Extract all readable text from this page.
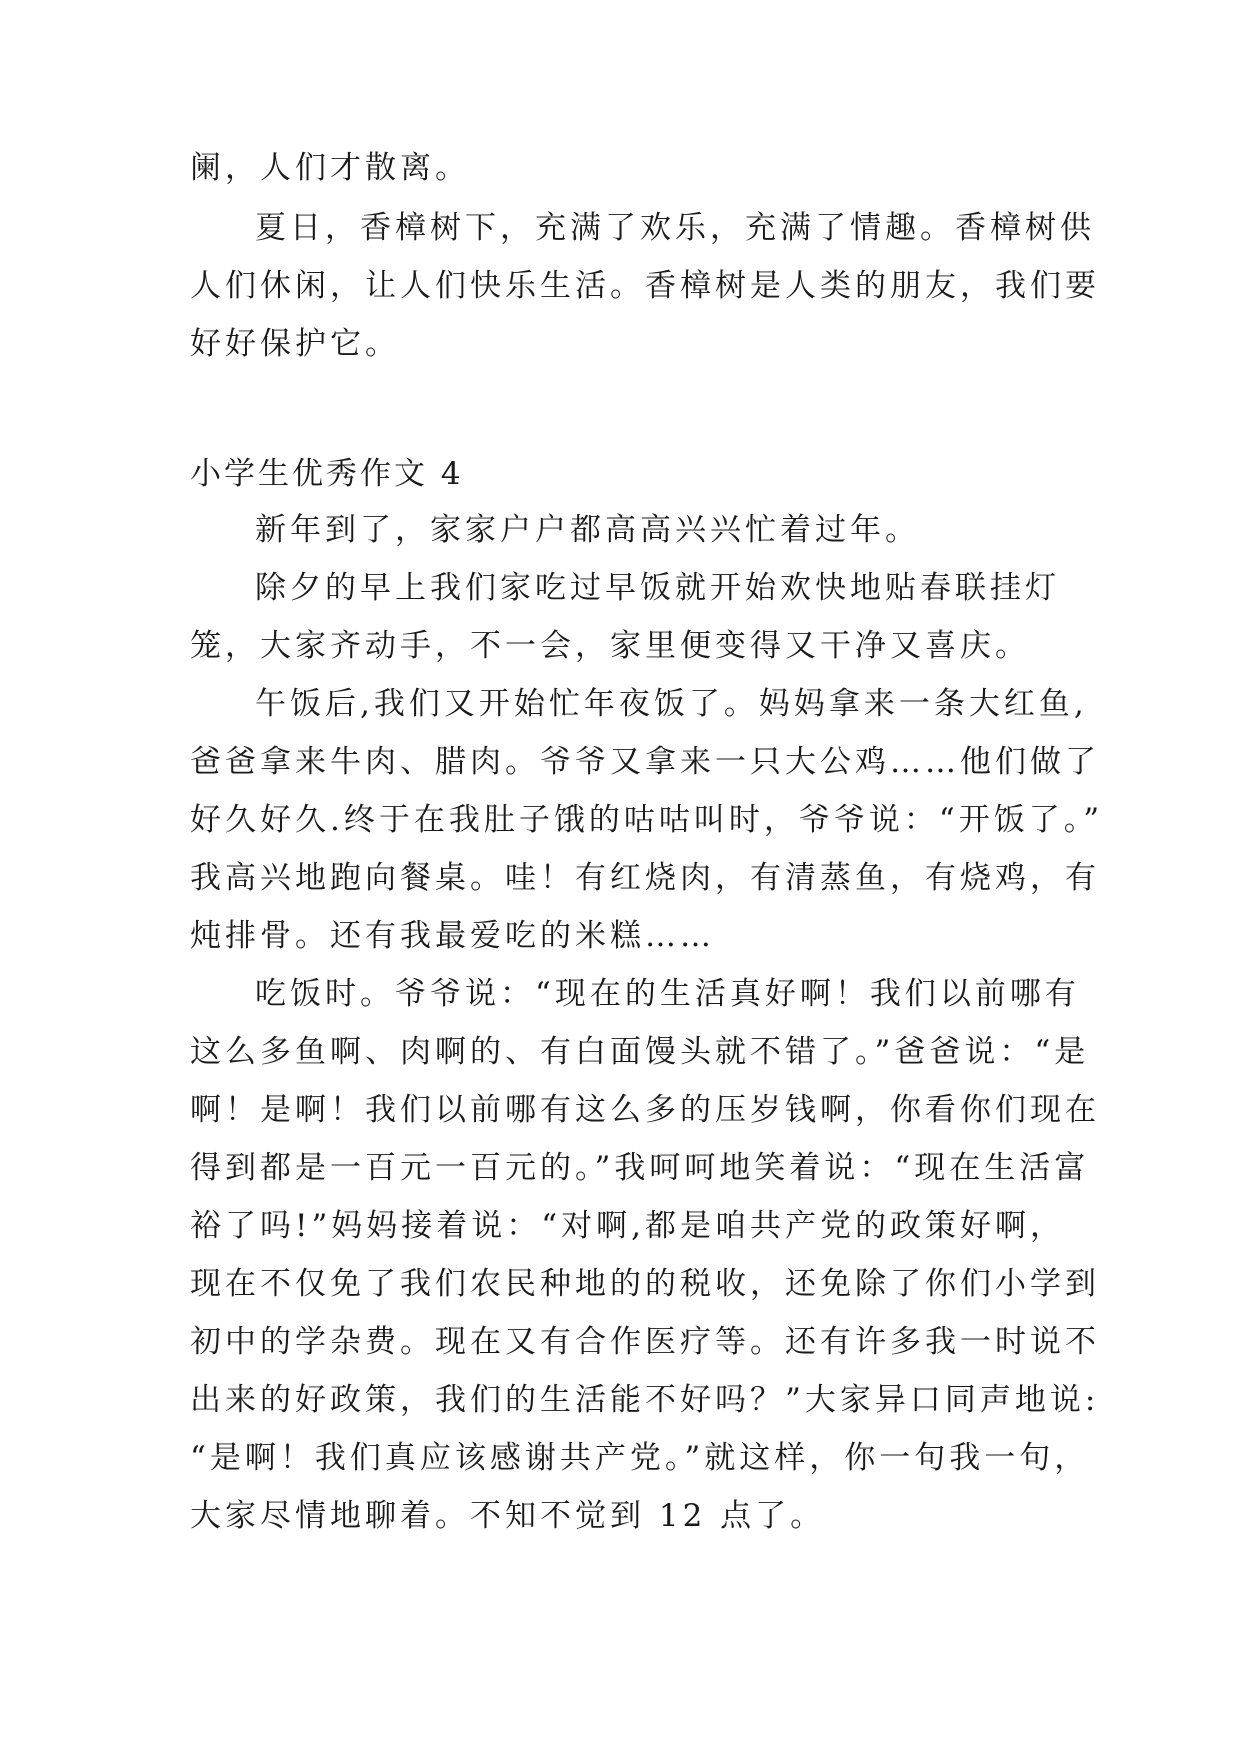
阑，人们才散离。
夏日，香樟树下，充满了欢乐，充满了情趣。香樟树供
人们休闲，让人们快乐生活。香樟树是人类的朋友，我们要
好好保护它。
小学生优秀作文 4
新年到了，家家户户都高高兴兴忙着过年。
除夕的早上我们家吃过早饭就开始欢快地贴春联挂灯
笼，大家齐动手，不一会，家里便变得又干净又喜庆。
午饭后,我们又开始忙年夜饭了。妈妈拿来一条大红鱼,
爸爸拿来牛肉、腊肉。爷爷又拿来一只大公鸡……他们做了
好久好久.终于在我肚子饿的咕咕叫时，爷爷说：“开饭了。”
我高兴地跑向餐桌。哇！有红烧肉，有清蒸鱼，有烧鸡，有
炖排骨。还有我最爱吃的米糕……
吃饭时。爷爷说：“现在的生活真好啊！我们以前哪有
这么多鱼啊、肉啊的、有白面馒头就不错了。”爸爸说：“是
啊！是啊！我们以前哪有这么多的压岁钱啊，你看你们现在
得到都是一百元一百元的。”我呵呵地笑着说：“现在生活富
裕了吗!”妈妈接着说：“对啊,都是咱共产党的政策好啊，
现在不仅免了我们农民种地的的税收，还免除了你们小学到
初中的学杂费。现在又有合作医疗等。还有许多我一时说不
出来的好政策，我们的生活能不好吗？”大家异口同声地说:
“是啊！我们真应该感谢共产党。”就这样，你一句我一句，
大家尽情地聊着。不知不觉到 12 点了。
